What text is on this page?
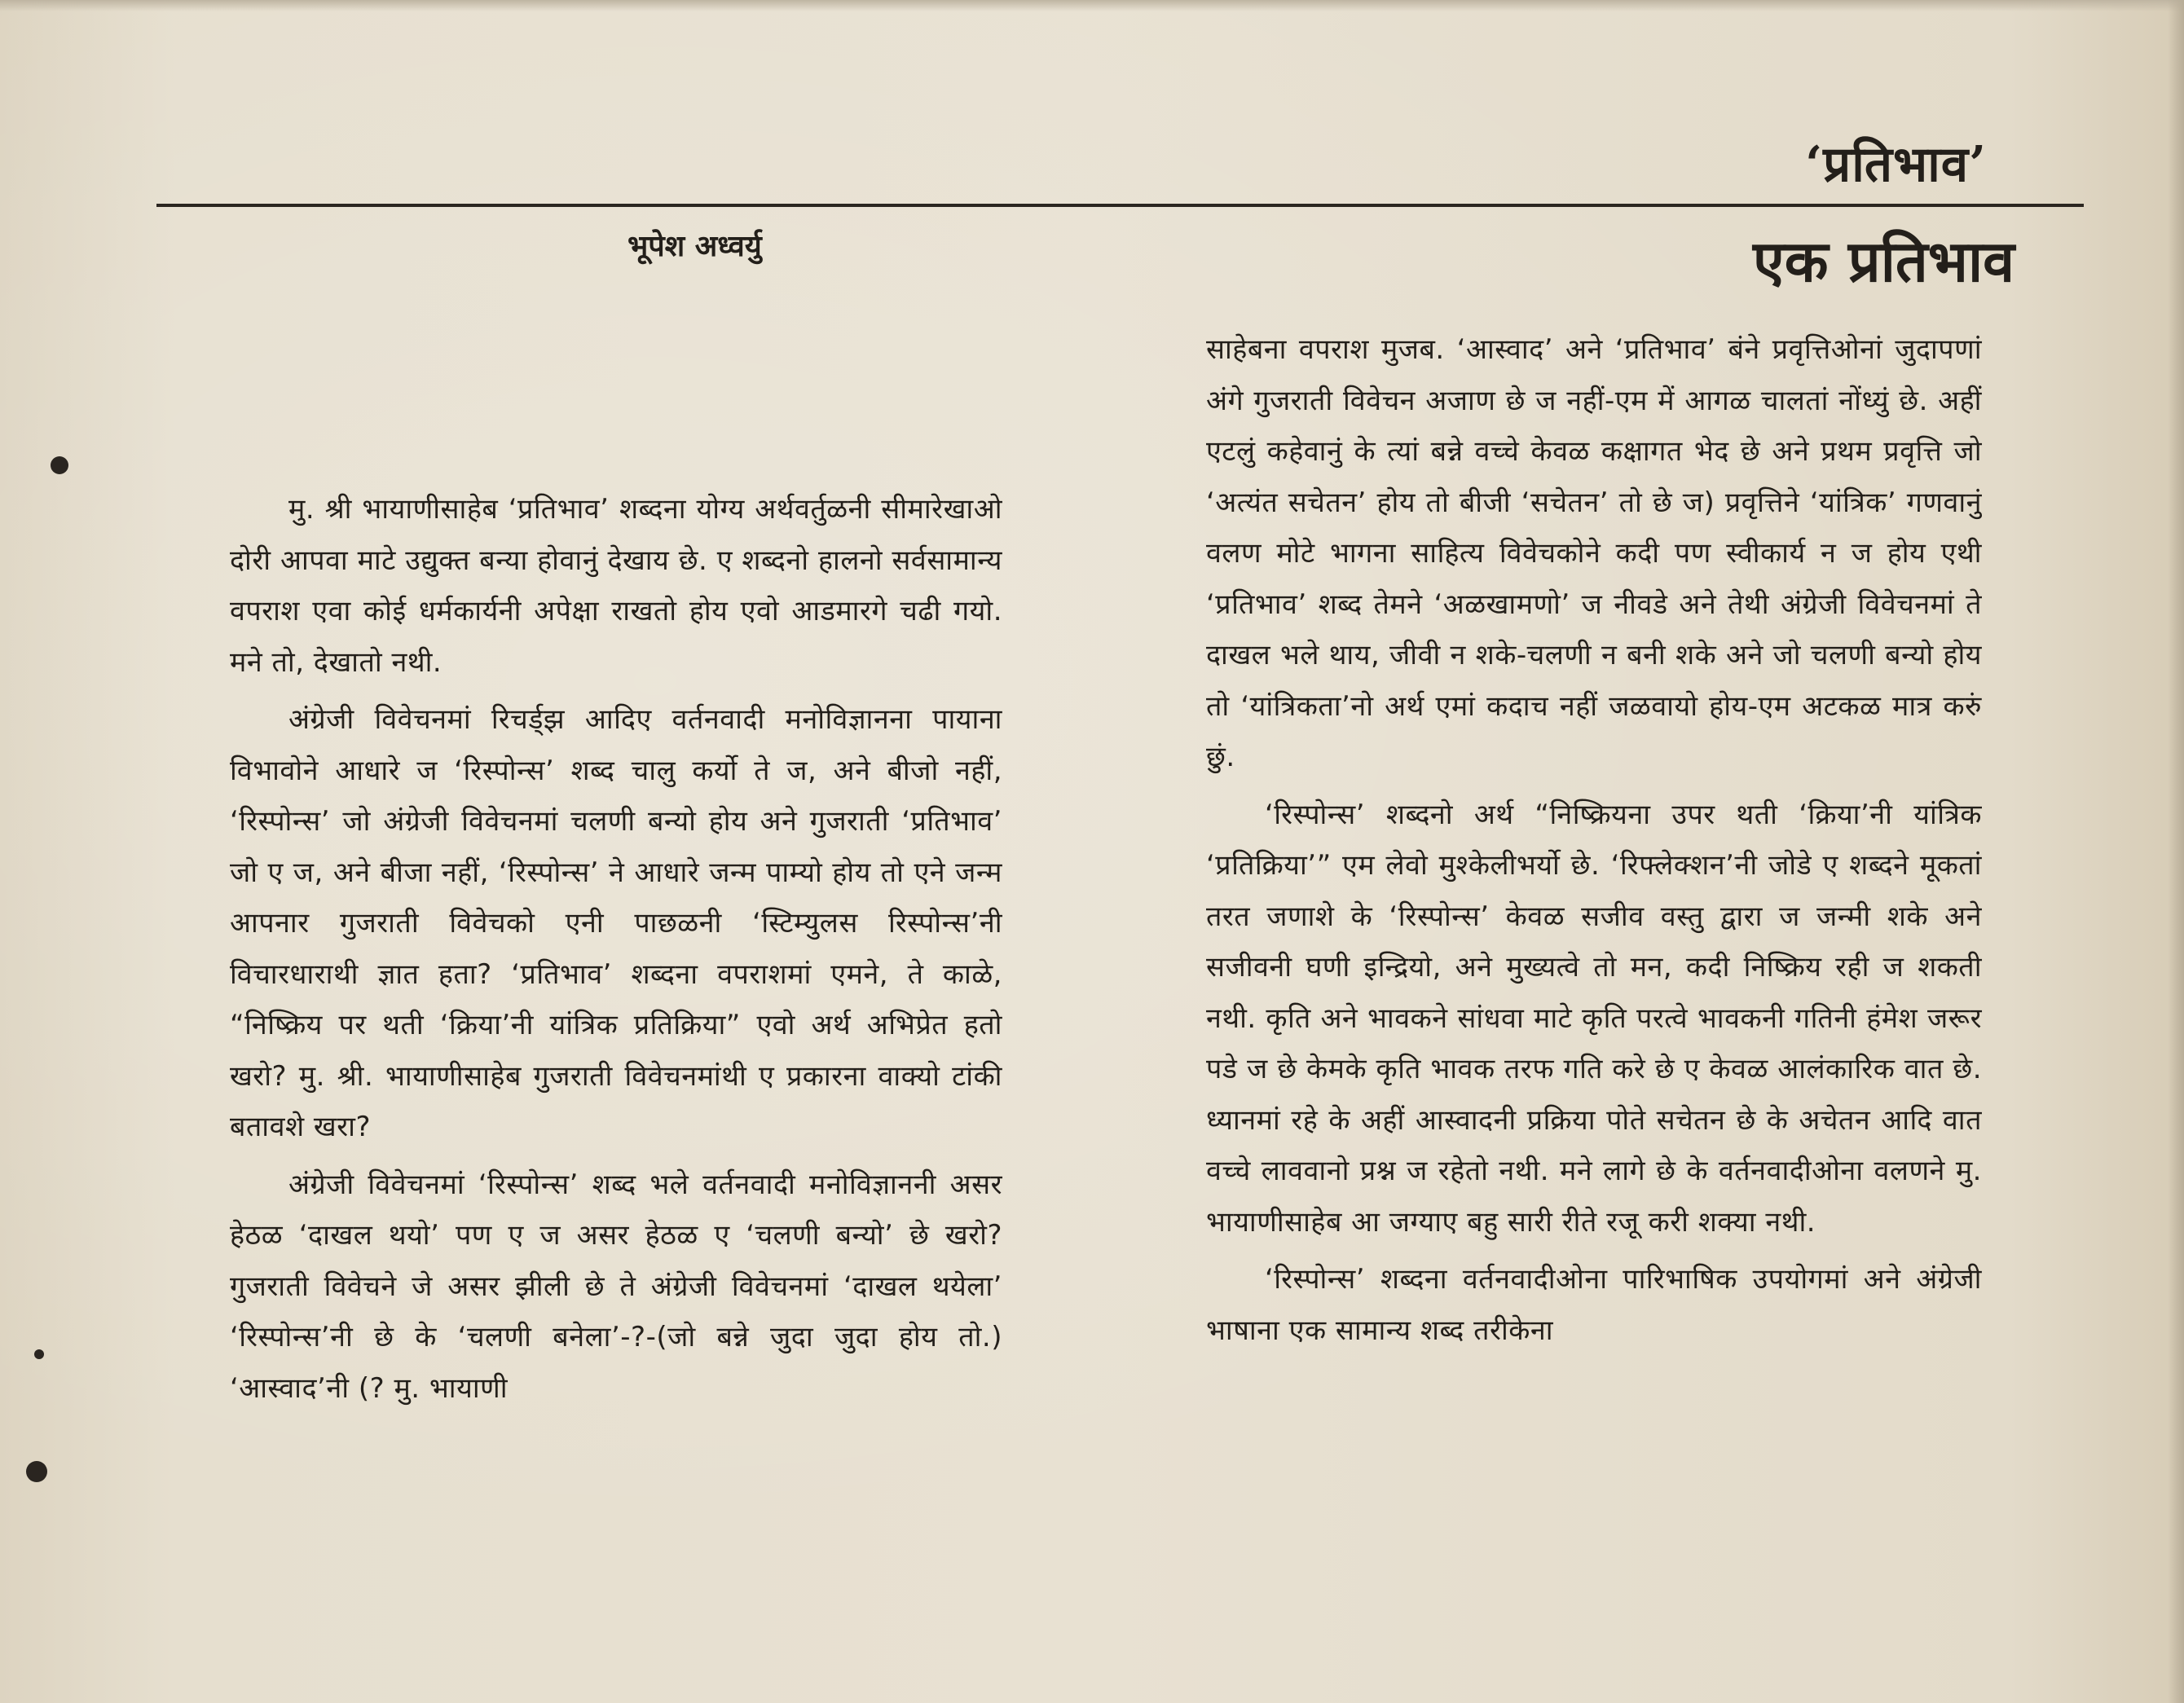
‘प्रतिभाव’
भूपेश अध्वर्यु	एक प्रतिभाव

मु. श्री भायाणीसाहेब ‘प्रतिभाव’ शब्दना योग्य अर्थवर्तुळनी सीमारेखाओ दोरी आपवा माटे उद्युक्त बन्या होवानुं देखाय छे. ए शब्दनो हालनो सर्वसामान्य वपराश एवा कोई धर्मकार्यनी अपेक्षा राखतो होय एवो आडमारगे चढी गयो. मने तो, देखातो नथी.

अंग्रेजी विवेचनमां रिचर्ड्झ आदिए वर्तनवादी मनोविज्ञानना पायाना विभावोने आधारे ज ‘रिस्पोन्स’ शब्द चालु कर्यो ते ज, अने बीजो नहीं, ‘रिस्पोन्स’ जो अंग्रेजी विवेचनमां चलणी बन्यो होय अने गुजराती ‘प्रतिभाव’ जो ए ज, अने बीजा नहीं, ‘रिस्पोन्स’ ने आधारे जन्म पाम्यो होय तो एने जन्म आपनार गुजराती विवेचको एनी पाछळनी ‘स्टिम्युलस रिस्पोन्स’नी विचारधाराथी ज्ञात हता? ‘प्रतिभाव’ शब्दना वपराशमां एमने, ते काळे, “निष्क्रिय पर थती ‘क्रिया’नी यांत्रिक प्रतिक्रिया” एवो अर्थ अभिप्रेत हतो खरो? मु. श्री. भायाणीसाहेब गुजराती विवेचनमांथी ए प्रकारना वाक्यो टांकी बतावशे खरा?

अंग्रेजी विवेचनमां ‘रिस्पोन्स’ शब्द भले वर्तनवादी मनोविज्ञाननी असर हेठळ ‘दाखल थयो’ पण ए ज असर हेठळ ए ‘चलणी बन्यो’ छे खरो? गुजराती विवेचने जे असर झीली छे ते अंग्रेजी विवेचनमां ‘दाखल थयेला’ ‘रिस्पोन्स’नी छे के ‘चलणी बनेला’-?-(जो बन्ने जुदा जुदा होय तो.) ‘आस्वाद’नी (? मु. भायाणी

साहेबना वपराश मुजब. ‘आस्वाद’ अने ‘प्रतिभाव’ बंने प्रवृत्तिओनां जुदापणां अंगे गुजराती विवेचन अजाण छे ज नहीं-एम में आगळ चालतां नोंध्युं छे. अहीं एटलुं कहेवानुं के त्यां बन्ने वच्चे केवळ कक्षागत भेद छे अने प्रथम प्रवृत्ति जो ‘अत्यंत सचेतन’ होय तो बीजी ‘सचेतन’ तो छे ज) प्रवृत्तिने ‘यांत्रिक’ गणवानुं वलण मोटे भागना साहित्य विवेचकोने कदी पण स्वीकार्य न ज होय एथी ‘प्रतिभाव’ शब्द तेमने ‘अळखामणो’ ज नीवडे अने तेथी अंग्रेजी विवेचनमां ते दाखल भले थाय, जीवी न शके-चलणी न बनी शके अने जो चलणी बन्यो होय तो ‘यांत्रिकता’नो अर्थ एमां कदाच नहीं जळवायो होय-एम अटकळ मात्र करुं छुं.

‘रिस्पोन्स’ शब्दनो अर्थ “निष्क्रियना उपर थती ‘क्रिया’नी यांत्रिक ‘प्रतिक्रिया’” एम लेवो मुश्केलीभर्यो छे. ‘रिफ्लेक्शन’नी जोडे ए शब्दने मूकतां तरत जणाशे के ‘रिस्पोन्स’ केवळ सजीव वस्तु द्वारा ज जन्मी शके अने सजीवनी घणी इन्द्रियो, अने मुख्यत्वे तो मन, कदी निष्क्रिय रही ज शकती नथी. कृति अने भावकने सांधवा माटे कृति परत्वे भावकनी गतिनी हंमेश जरूर पडे ज छे केमके कृति भावक तरफ गति करे छे ए केवळ आलंकारिक वात छे. ध्यानमां रहे के अहीं आस्वादनी प्रक्रिया पोते सचेतन छे के अचेतन आदि वात वच्चे लाववानो प्रश्न ज रहेतो नथी. मने लागे छे के वर्तनवादीओना वलणने मु. भायाणीसाहेब आ जग्याए बहु सारी रीते रजू करी शक्या नथी.

‘रिस्पोन्स’ शब्दना वर्तनवादीओना पारिभाषिक उपयोगमां अने अंग्रेजी भाषाना एक सामान्य शब्द तरीकेना
